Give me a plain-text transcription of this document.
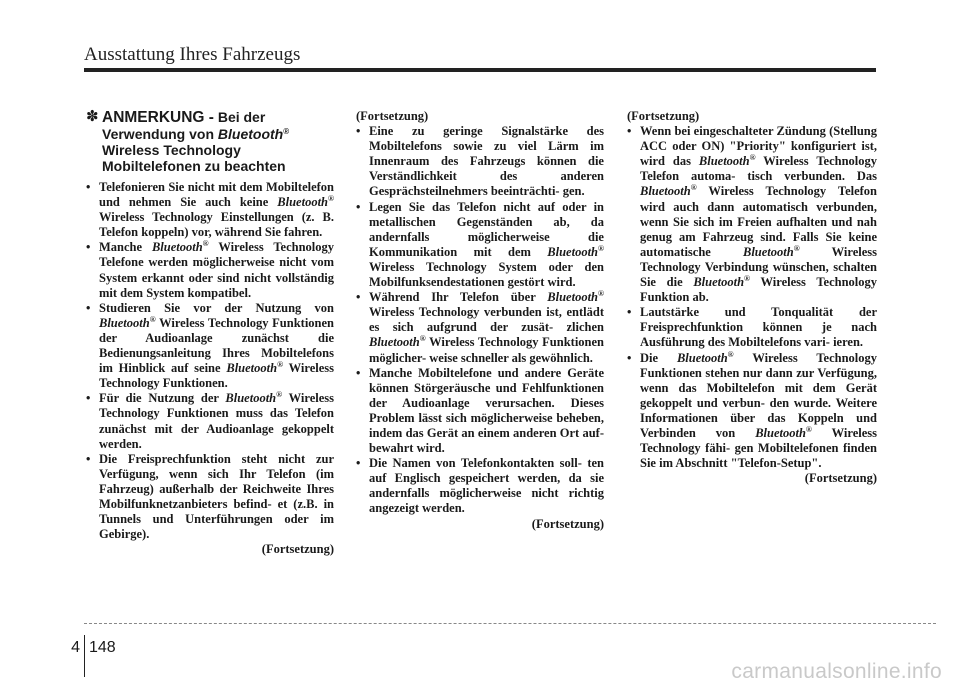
Ausstattung Ihres Fahrzeugs
✽ ANMERKUNG - Bei der Verwendung von Bluetooth® Wireless Technology Mobiltelefonen zu beachten
• Telefonieren Sie nicht mit dem Mobiltelefon und nehmen Sie auch keine Bluetooth® Wireless Technology Einstellungen (z. B. Telefon koppeln) vor, während Sie fahren.
• Manche Bluetooth® Wireless Technology Telefone werden möglicherweise nicht vom System erkannt oder sind nicht vollständig mit dem System kompatibel.
• Studieren Sie vor der Nutzung von Bluetooth® Wireless Technology Funktionen der Audioanlage zunächst die Bedienungsanleitung Ihres Mobiltelefons im Hinblick auf seine Bluetooth® Wireless Technology Funktionen.
• Für die Nutzung der Bluetooth® Wireless Technology Funktionen muss das Telefon zunächst mit der Audioanlage gekoppelt werden.
• Die Freisprechfunktion steht nicht zur Verfügung, wenn sich Ihr Telefon (im Fahrzeug) außerhalb der Reichweite Ihres Mobilfunknetzanbieters befind- et (z.B. in Tunnels und Unterführungen oder im Gebirge).
(Fortsetzung)
(Fortsetzung)
• Eine zu geringe Signalstärke des Mobiltelefons sowie zu viel Lärm im Innenraum des Fahrzeugs können die Verständlichkeit des anderen Gesprächsteilnehmers beeinträchti- gen.
• Legen Sie das Telefon nicht auf oder in metallischen Gegenständen ab, da andernfalls möglicherweise die Kommunikation mit dem Bluetooth® Wireless Technology System oder den Mobilfunksendestationen gestört wird.
• Während Ihr Telefon über Bluetooth® Wireless Technology verbunden ist, entlädt es sich aufgrund der zusät- zlichen Bluetooth® Wireless Technology Funktionen möglicher- weise schneller als gewöhnlich.
• Manche Mobiltelefone und andere Geräte können Störgeräusche und Fehlfunktionen der Audioanlage verursachen. Dieses Problem lässt sich möglicherweise beheben, indem das Gerät an einem anderen Ort auf- bewahrt wird.
• Die Namen von Telefonkontakten soll- ten auf Englisch gespeichert werden, da sie andernfalls möglicherweise nicht richtig angezeigt werden.
(Fortsetzung)
(Fortsetzung)
• Wenn bei eingeschalteter Zündung (Stellung ACC oder ON) "Priority" konfiguriert ist, wird das Bluetooth® Wireless Technology Telefon automa- tisch verbunden. Das Bluetooth® Wireless Technology Telefon wird auch dann automatisch verbunden, wenn Sie sich im Freien aufhalten und nah genug am Fahrzeug sind. Falls Sie keine automatische	Bluetooth®	Wireless Technology Verbindung wünschen, schalten Sie die Bluetooth® Wireless Technology Funktion ab.
• Lautstärke und Tonqualität der Freisprechfunktion können je nach Ausführung des Mobiltelefons vari- ieren.
• Die Bluetooth® Wireless Technology Funktionen stehen nur dann zur Verfügung, wenn das Mobiltelefon mit dem Gerät gekoppelt und verbun- den wurde. Weitere Informationen über das Koppeln und Verbinden von Bluetooth® Wireless Technology fähi- gen Mobiltelefonen finden Sie im Abschnitt "Telefon-Setup".
(Fortsetzung)
4 148
carmanualsonline.info
